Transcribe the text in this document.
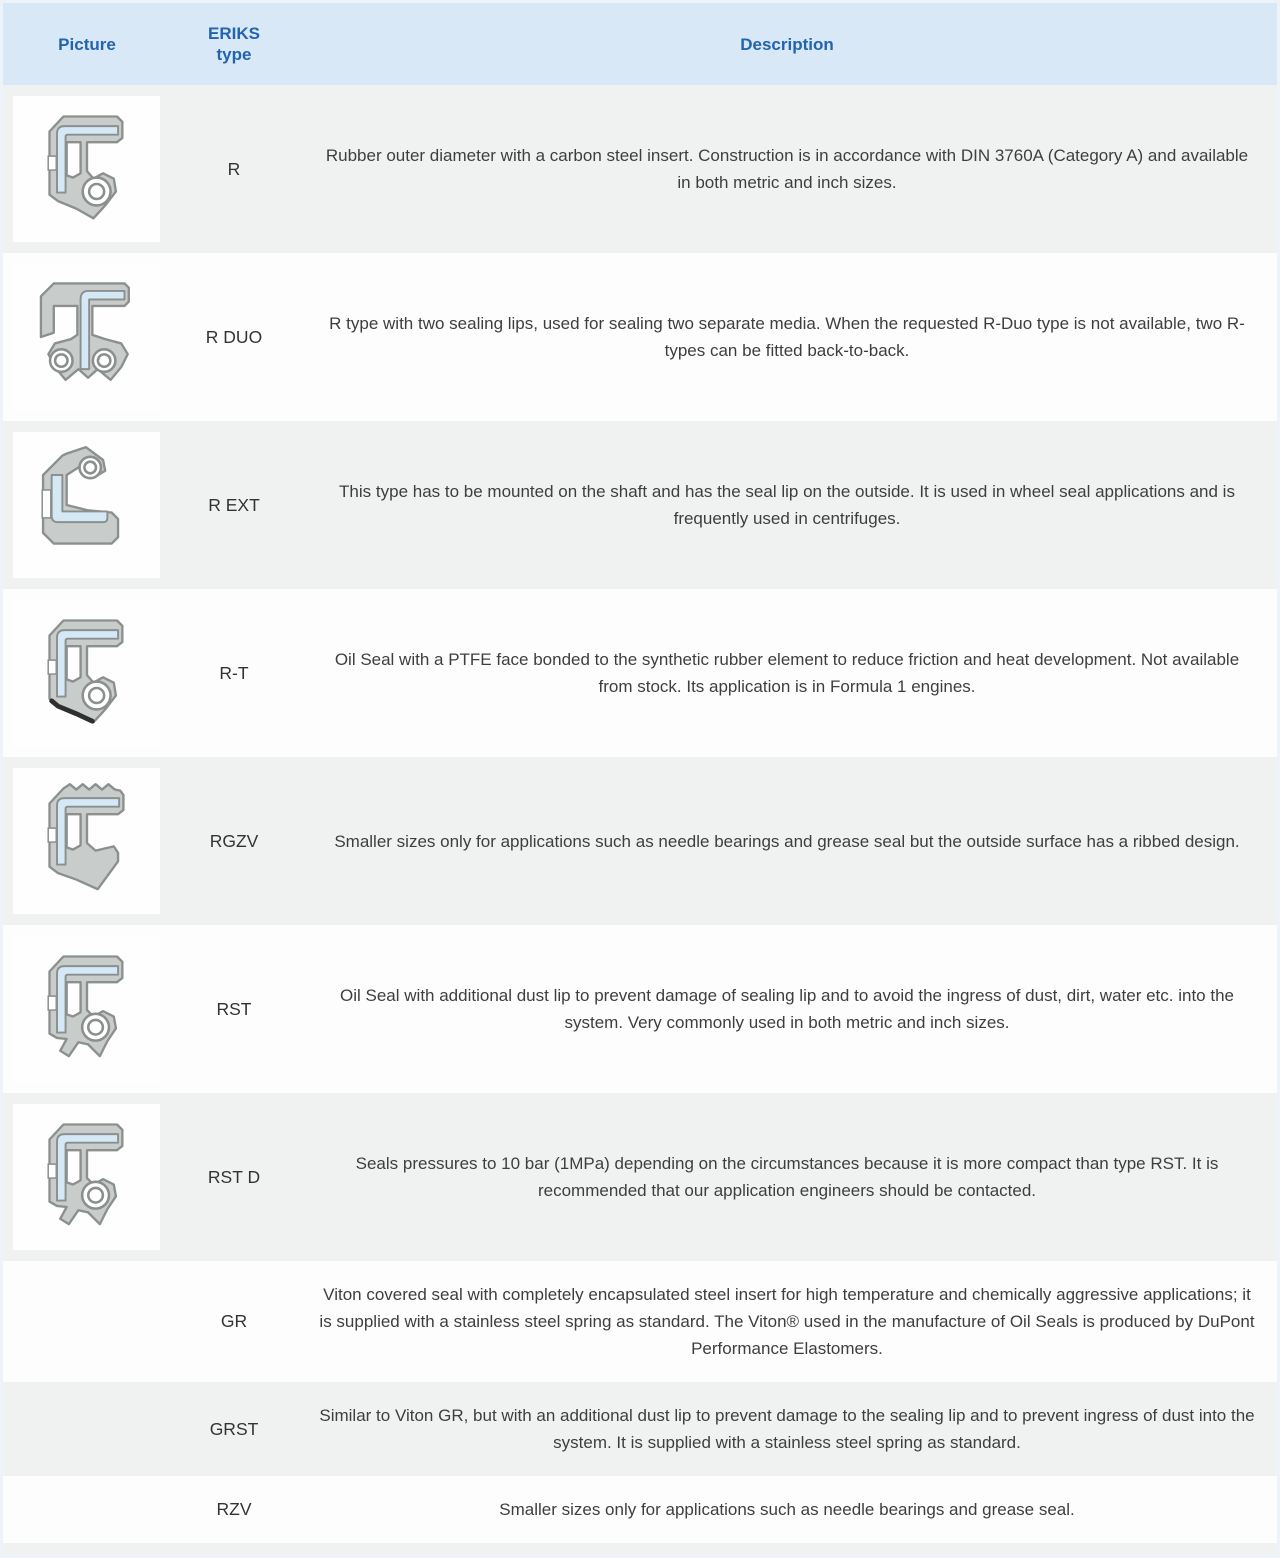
Picture
ERIKS type
Description
R
Rubber outer diameter with a carbon steel insert. Construction is in accordance with DIN 3760A (Category A) and available in both metric and inch sizes.
R DUO
R type with two sealing lips, used for sealing two separate media. When the requested R-Duo type is not available, two R-types can be fitted back-to-back.
R EXT
This type has to be mounted on the shaft and has the seal lip on the outside. It is used in wheel seal applications and is frequently used in centrifuges.
R-T
Oil Seal with a PTFE face bonded to the synthetic rubber element to reduce friction and heat development. Not available from stock. Its application is in Formula 1 engines.
RGZV	Smaller sizes only for applications such as needle bearings and grease seal but the outside surface has a ribbed design.
RST
Oil Seal with additional dust lip to prevent damage of sealing lip and to avoid the ingress of dust, dirt, water etc. into the system. Very commonly used in both metric and inch sizes.
RST D
Seals pressures to 10 bar (1MPa) depending on the circumstances because it is more compact than type RST. It is recommended that our application engineers should be contacted.
GR
Viton covered seal with completely encapsulated steel insert for high temperature and chemically aggressive applications; it is supplied with a stainless steel spring as standard. The Viton® used in the manufacture of Oil Seals is produced by DuPont Performance Elastomers.
GRST
Similar to Viton GR, but with an additional dust lip to prevent damage to the sealing lip and to prevent ingress of dust into the system. It is supplied with a stainless steel spring as standard.
RZV	Smaller sizes only for applications such as needle bearings and grease seal.
